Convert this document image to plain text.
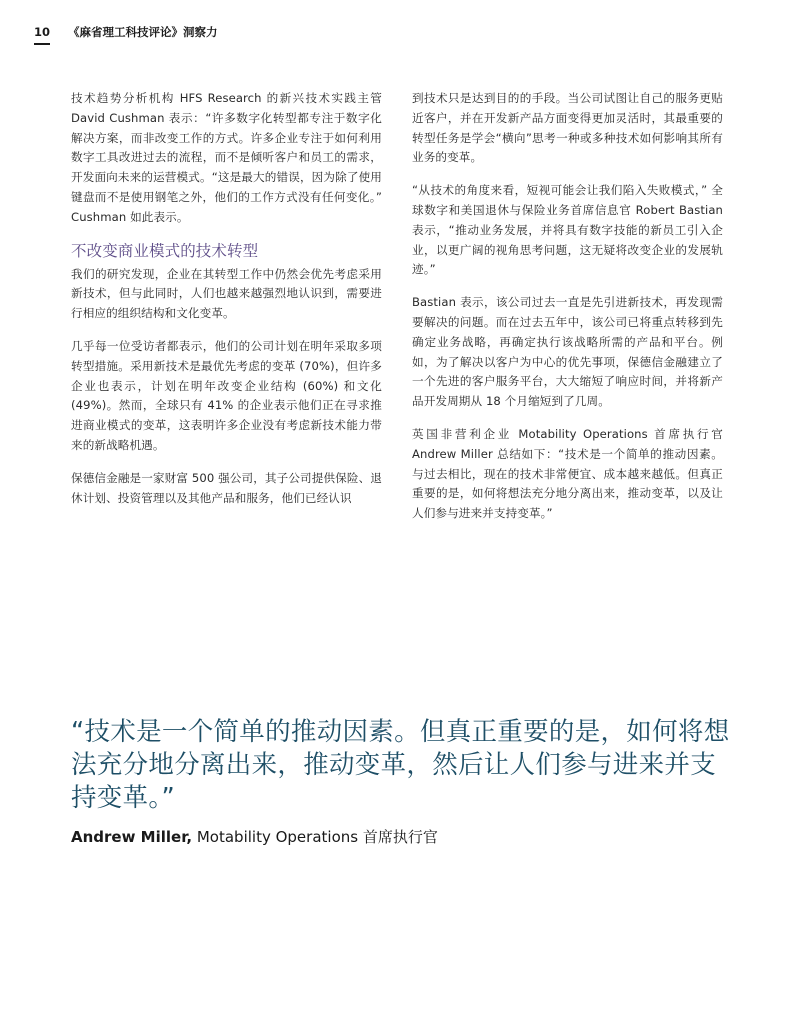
10	《麻省理工科技评论》洞察力

技术趋势分析机构 HFS Research 的新兴技术实践主管 David Cushman 表示：“许多数字化转型都专注于数字化解决方案，而非改变工作的方式。许多企业专注于如何利用数字工具改进过去的流程，而不是倾听客户和员工的需求，开发面向未来的运营模式。“这是最大的错误，因为除了使用键盘而不是使用钢笔之外，他们的工作方式没有任何变化。” Cushman 如此表示。

不改变商业模式的技术转型

我们的研究发现，企业在其转型工作中仍然会优先考虑采用新技术，但与此同时，人们也越来越强烈地认识到，需要进行相应的组织结构和文化变革。

几乎每一位受访者都表示，他们的公司计划在明年采取多项转型措施。采用新技术是最优先考虑的变革 (70%)，但许多企业也表示，计划在明年改变企业结构 (60%) 和文化 (49%)。然而，全球只有 41% 的企业表示他们正在寻求推进商业模式的变革，这表明许多企业没有考虑新技术能力带来的新战略机遇。

保德信金融是一家财富 500 强公司，其子公司提供保险、退休计划、投资管理以及其他产品和服务，他们已经认识

到技术只是达到目的的手段。当公司试图让自己的服务更贴近客户，并在开发新产品方面变得更加灵活时，其最重要的转型任务是学会“横向”思考一种或多种技术如何影响其所有业务的变革。

“从技术的角度来看，短视可能会让我们陷入失败模式，” 全球数字和美国退休与保险业务首席信息官 Robert Bastian 表示，“推动业务发展，并将具有数字技能的新员工引入企业，以更广阔的视角思考问题，这无疑将改变企业的发展轨迹。”

Bastian 表示，该公司过去一直是先引进新技术，再发现需要解决的问题。而在过去五年中，该公司已将重点转移到先确定业务战略，再确定执行该战略所需的产品和平台。例如，为了解决以客户为中心的优先事项，保德信金融建立了一个先进的客户服务平台，大大缩短了响应时间，并将新产品开发周期从 18 个月缩短到了几周。

英国非营利企业 Motability Operations 首席执行官 Andrew Miller 总结如下：“技术是一个简单的推动因素。与过去相比，现在的技术非常便宜、成本越来越低。但真正重要的是，如何将想法充分地分离出来，推动变革，以及让人们参与进来并支持变革。”

“技术是一个简单的推动因素。但真正重要的是，如何将想法充分地分离出来，推动变革，然后让人们参与进来并支持变革。”

Andrew Miller, Motability Operations 首席执行官
